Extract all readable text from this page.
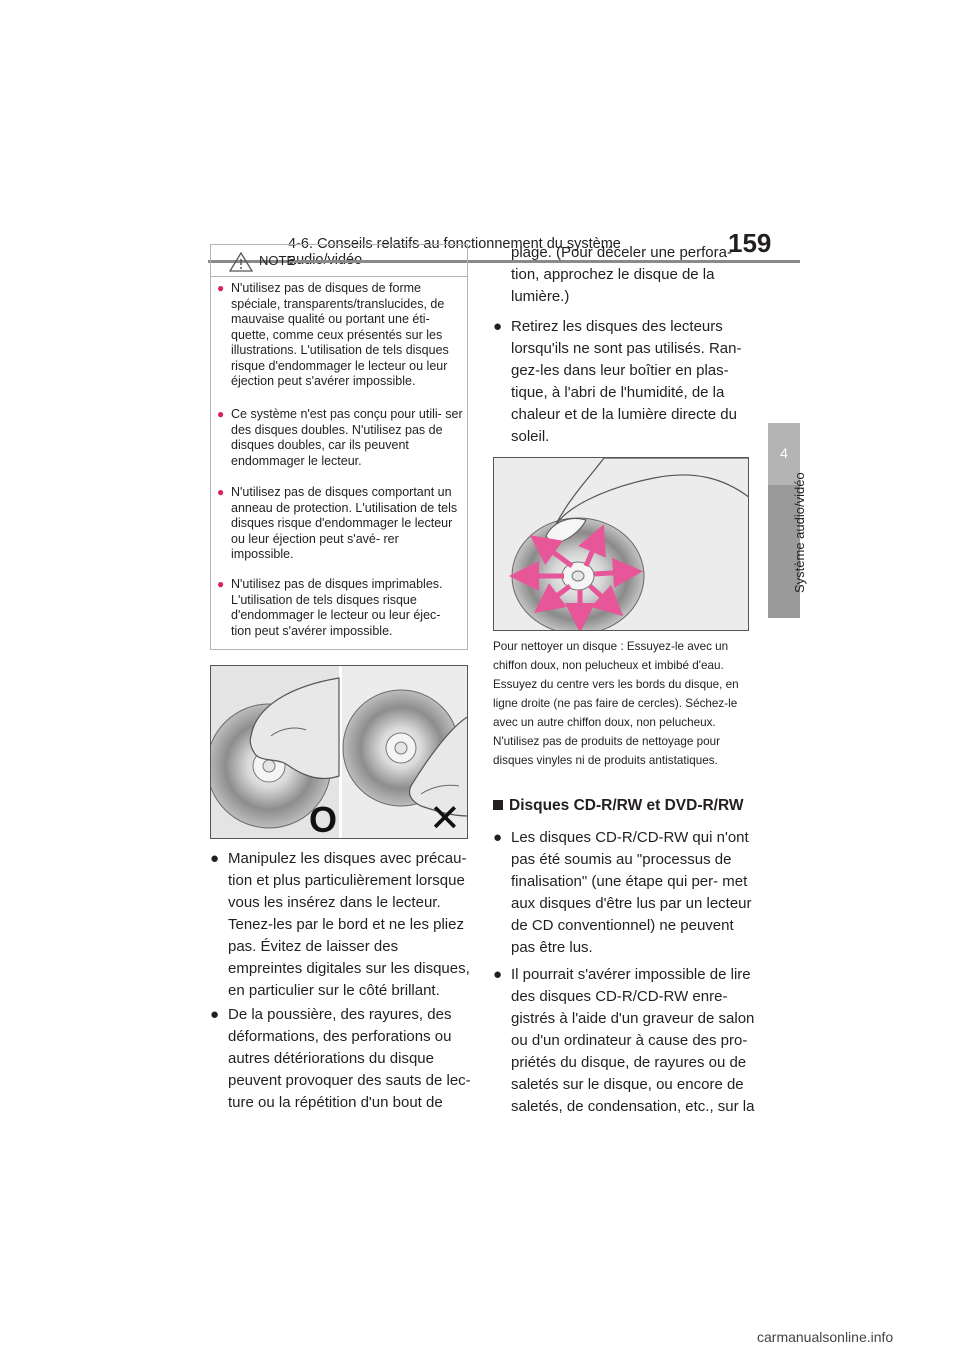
4-6. Conseils relatifs au fonctionnement du système	159
4
Système audio/vidéo
NOTE
● N'utilisez pas de disques de forme spéciale, transparents/translucides, de mauvaise qualité ou portant une éti- quette, comme ceux présentés sur les illustrations. L'utilisation de tels disques risque d'endommager le lecteur ou leur éjection peut s'avérer impossible.
● Ce système n'est pas conçu pour utili- ser des disques doubles. N'utilisez pas de disques doubles, car ils peuvent endommager le lecteur.
● N'utilisez pas de disques comportant un anneau de protection. L'utilisation de tels disques risque d'endommager le lecteur ou leur éjection peut s'avé- rer impossible.
● N'utilisez pas de disques imprimables. L'utilisation de tels disques risque d'endommager le lecteur ou leur éjec- tion peut s'avérer impossible.
O ✕
● Manipulez les disques avec précau- tion et plus particulièrement lorsque vous les insérez dans le lecteur. Tenez-les par le bord et ne les pliez pas. Évitez de laisser des empreintes digitales sur les disques, en particulier sur le côté brillant.
● De la poussière, des rayures, des déformations, des perforations ou autres détériorations du disque peuvent provoquer des sauts de lec- ture ou la répétition d'un bout de
plage. (Pour déceler une perfora- tion, approchez le disque de la lumière.)
● Retirez les disques des lecteurs lorsqu'ils ne sont pas utilisés. Ran- gez-les dans leur boîtier en plas- tique, à l'abri de l'humidité, de la chaleur et de la lumière directe du soleil.
Pour nettoyer un disque : Essuyez-le avec un chiffon doux, non pelucheux et imbibé d'eau. Essuyez du centre vers les bords du disque, en ligne droite (ne pas faire de cercles). Séchez-le avec un autre chiffon doux, non pelucheux. N'utilisez pas de produits de nettoyage pour disques vinyles ni de produits antistatiques.
Disques CD-R/RW et DVD-R/RW
● Les disques CD-R/CD-RW qui n'ont pas été soumis au "processus de finalisation" (une étape qui per- met aux disques d'être lus par un lecteur de CD conventionnel) ne peuvent pas être lus.
● Il pourrait s'avérer impossible de lire des disques CD-R/CD-RW enre- gistrés à l'aide d'un graveur de salon ou d'un ordinateur à cause des pro- priétés du disque, de rayures ou de saletés sur le disque, ou encore de saletés, de condensation, etc., sur la
carmanualsonline.info
